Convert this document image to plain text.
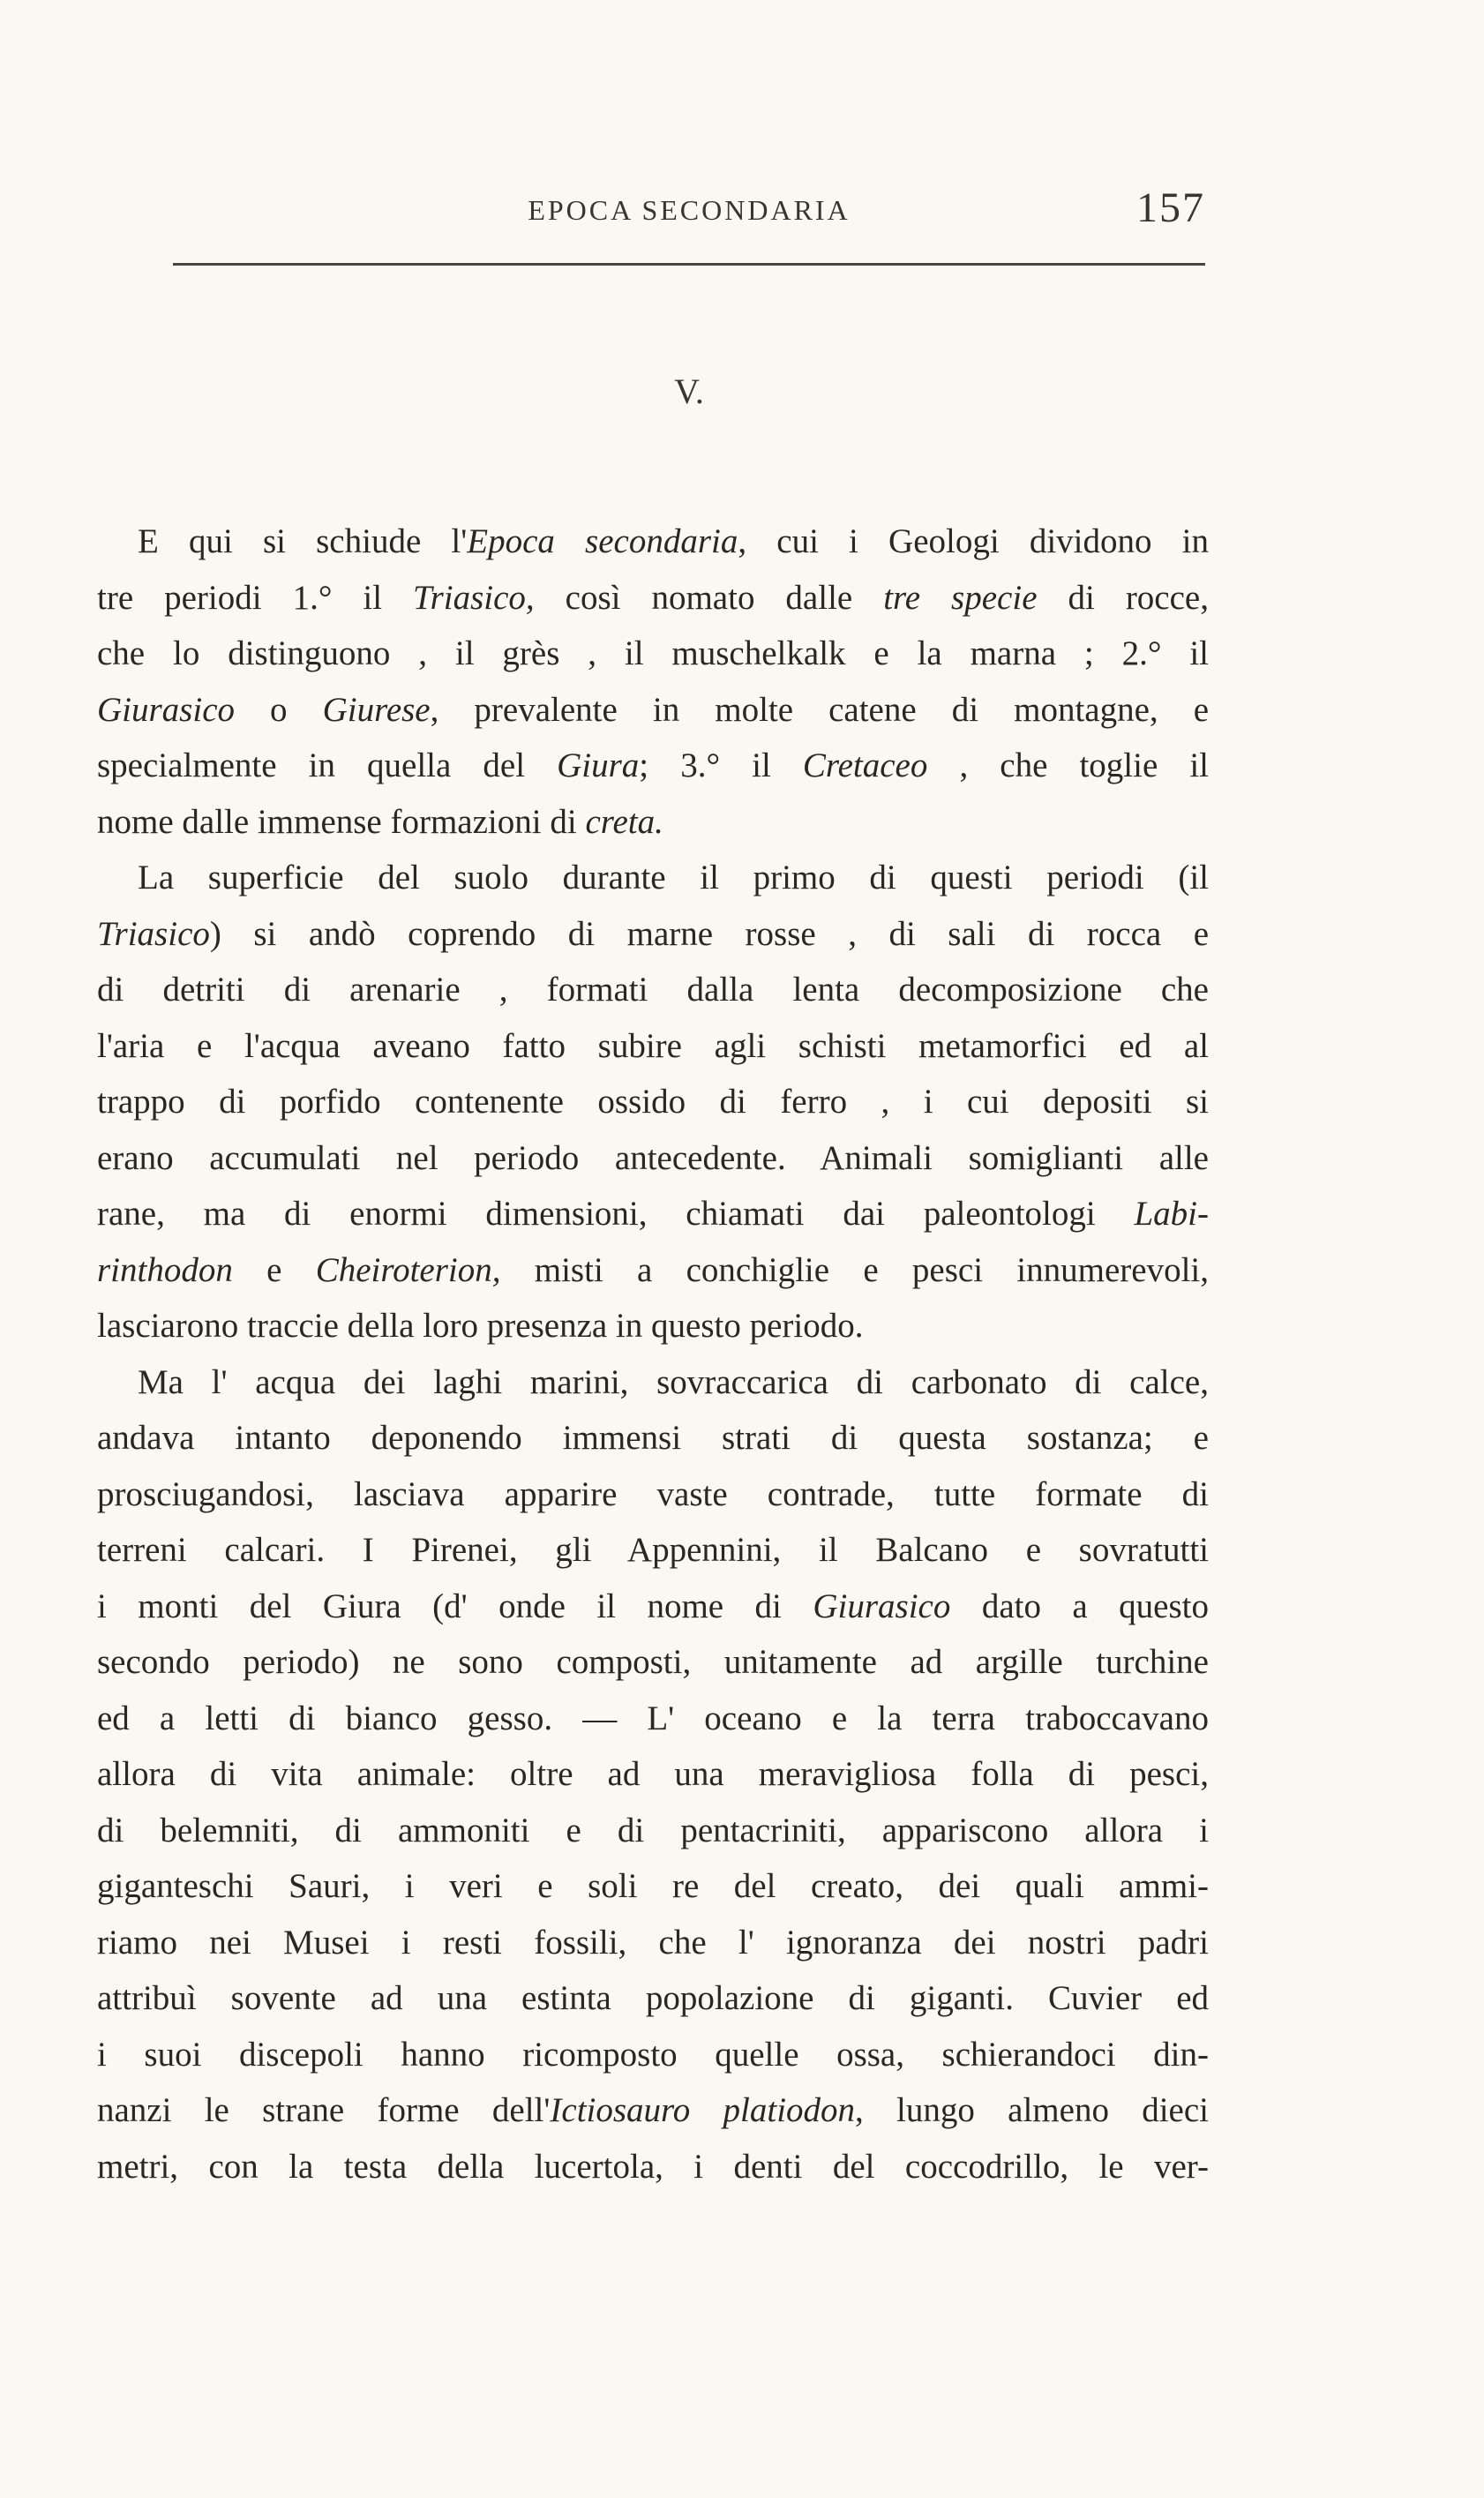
EPOCA SECONDARIA	157
V.
E qui si schiude l'Epoca secondaria, cui i Geologi dividono in
tre periodi 1.° il Triasico, così nomato dalle tre specie di rocce,
che lo distinguono , il grès , il muschelkalk e la marna ; 2.° il
Giurasico o Giurese, prevalente in molte catene di montagne, e
specialmente in quella del Giura; 3.° il Cretaceo , che toglie il
nome dalle immense formazioni di creta.
La superficie del suolo durante il primo di questi periodi (il
Triasico) si andò coprendo di marne rosse , di sali di rocca e
di detriti di arenarie , formati dalla lenta decomposizione che
l'aria e l'acqua aveano fatto subire agli schisti metamorfici ed al
trappo di porfido contenente ossido di ferro , i cui depositi si
erano accumulati nel periodo antecedente. Animali somiglianti alle
rane, ma di enormi dimensioni, chiamati dai paleontologi Labi-
rinthodon e Cheiroterion, misti a conchiglie e pesci innumerevoli,
lasciarono traccie della loro presenza in questo periodo.
Ma l' acqua dei laghi marini, sovraccarica di carbonato di calce,
andava intanto deponendo immensi strati di questa sostanza; e
prosciugandosi, lasciava apparire vaste contrade, tutte formate di
terreni calcari. I Pirenei, gli Appennini, il Balcano e sovratutti
i monti del Giura (d' onde il nome di Giurasico dato a questo
secondo periodo) ne sono composti, unitamente ad argille turchine
ed a letti di bianco gesso. — L' oceano e la terra traboccavano
allora di vita animale: oltre ad una meravigliosa folla di pesci,
di belemniti, di ammoniti e di pentacriniti, appariscono allora i
giganteschi Sauri, i veri e soli re del creato, dei quali ammi-
riamo nei Musei i resti fossili, che l' ignoranza dei nostri padri
attribuì sovente ad una estinta popolazione di giganti. Cuvier ed
i suoi discepoli hanno ricomposto quelle ossa, schierandoci din-
nanzi le strane forme dell'Ictiosauro platiodon, lungo almeno dieci
metri, con la testa della lucertola, i denti del coccodrillo, le ver-
